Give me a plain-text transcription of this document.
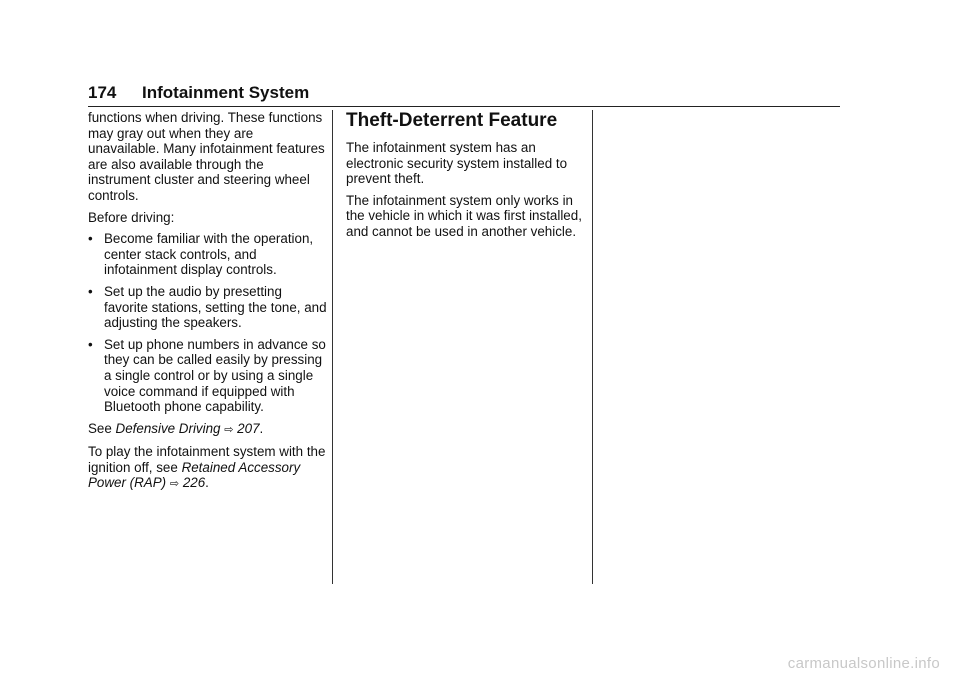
174 Infotainment System

functions when driving. These functions may gray out when they are unavailable. Many infotainment features are also available through the instrument cluster and steering wheel controls.

Before driving:

• Become familiar with the operation, center stack controls, and infotainment display controls.
• Set up the audio by presetting favorite stations, setting the tone, and adjusting the speakers.
• Set up phone numbers in advance so they can be called easily by pressing a single control or by using a single voice command if equipped with Bluetooth phone capability.

See Defensive Driving ⇨ 207.

To play the infotainment system with the ignition off, see Retained Accessory Power (RAP) ⇨ 226.

Theft-Deterrent Feature

The infotainment system has an electronic security system installed to prevent theft.

The infotainment system only works in the vehicle in which it was first installed, and cannot be used in another vehicle.

carmanualsonline.info
